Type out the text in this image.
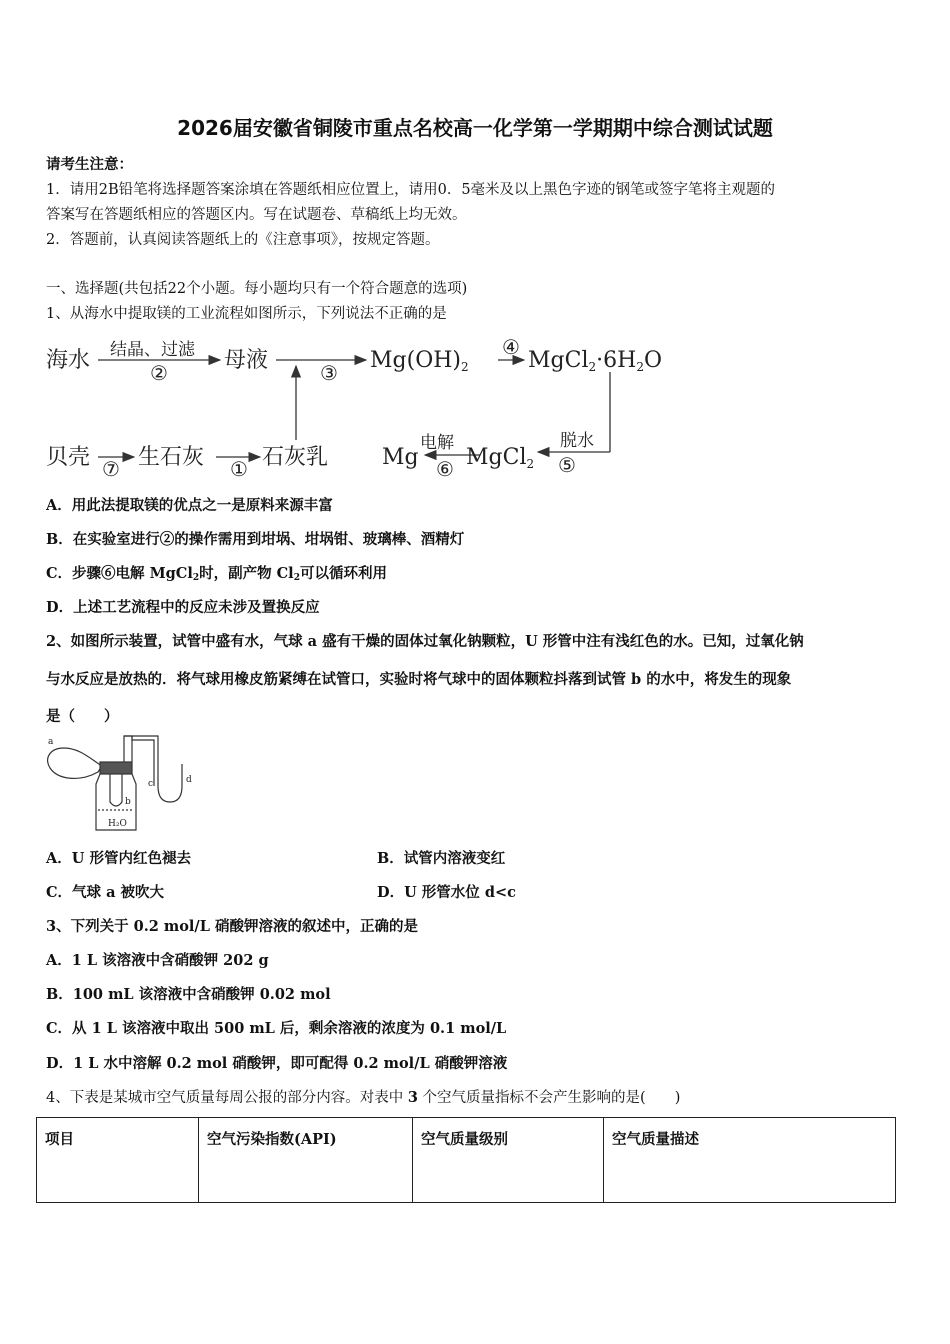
2026届安徽省铜陵市重点名校高一化学第一学期期中综合测试试题
请考生注意：
1．请用2B铅笔将选择题答案涂填在答题纸相应位置上，请用0．5毫米及以上黑色字迹的钢笔或签字笔将主观题的
答案写在答题纸相应的答题区内。写在试题卷、草稿纸上均无效。
2．答题前，认真阅读答题纸上的《注意事项》，按规定答题。
一、选择题(共包括22个小题。每小题均只有一个符合题意的选项)
1、从海水中提取镁的工业流程如图所示，下列说法不正确的是
海水	母液	Mg(OH)2	MgCl2·6H2O
贝壳 生石灰	石灰乳 Mg MgCl2
结晶、过滤
电解	脱水
②	③
④
⑦	①	⑥	⑤
A．用此法提取镁的优点之一是原料来源丰富
B．在实验室进行②的操作需用到坩埚、坩埚钳、玻璃棒、酒精灯
C．步骤⑥电解 MgCl$_2$时，副产物 $Cl_2$可以循环利用
D．上述工艺流程中的反应未涉及置换反应
2、如图所示装置，试管中盛有水，气球 a 盛有干燥的固体过氧化钠颗粒，U 形管中注有浅红色的水。已知，过氧化钠
与水反应是放热的．将气球用橡皮筋紧缚在试管口，实验时将气球中的固体颗粒抖落到试管 b 的水中，将发生的现象
是（　　）
a
b
c	d
H₂O
A．U 形管内红色褪去	B．试管内溶液变红
C．气球 a 被吹大	D．U 形管水位 d<c
3、下列关于 0.2 mol/L 硝酸钾溶液的叙述中，正确的是
A．1 L 该溶液中含硝酸钾 202 g
B．100 mL 该溶液中含硝酸钾 0.02 mol
C．从 1 L 该溶液中取出 500 mL 后，剩余溶液的浓度为 0.1 mol/L
D．1 L 水中溶解 0.2 mol 硝酸钾，即可配得 0.2 mol/L 硝酸钾溶液
4、下表是某城市空气质量每周公报的部分内容。对表中 3 个空气质量指标不会产生影响的是(　　)
项目	空气污染指数(API)	空气质量级别	空气质量描述
